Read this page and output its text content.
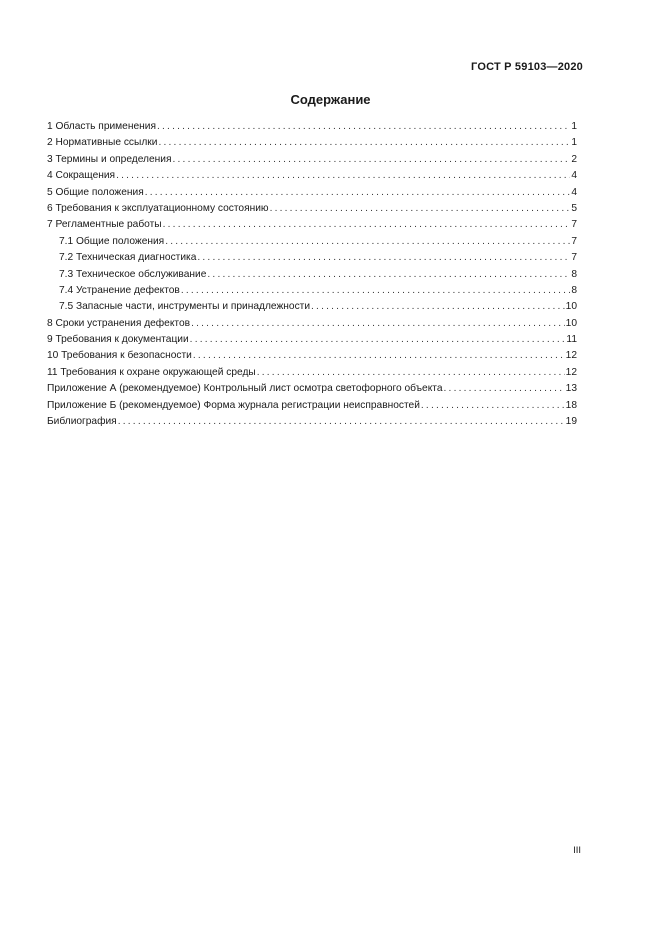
ГОСТ Р 59103—2020
Содержание
1 Область применения .....	1
2 Нормативные ссылки .....	1
3 Термины и определения .....	2
4 Сокращения .....	4
5 Общие положения .....	4
6 Требования к эксплуатационному состоянию .....	5
7 Регламентные работы .....	7
7.1 Общие положения .....	7
7.2 Техническая диагностика .....	7
7.3 Техническое обслуживание .....	8
7.4 Устранение дефектов .....	8
7.5 Запасные части, инструменты и принадлежности .....	10
8 Сроки устранения дефектов .....	10
9 Требования к документации .....	11
10 Требования к безопасности .....	12
11 Требования к охране окружающей среды .....	12
Приложение А (рекомендуемое) Контрольный лист осмотра светофорного объекта .....	13
Приложение Б (рекомендуемое) Форма журнала регистрации неисправностей .....	18
Библиография .....	19
III
